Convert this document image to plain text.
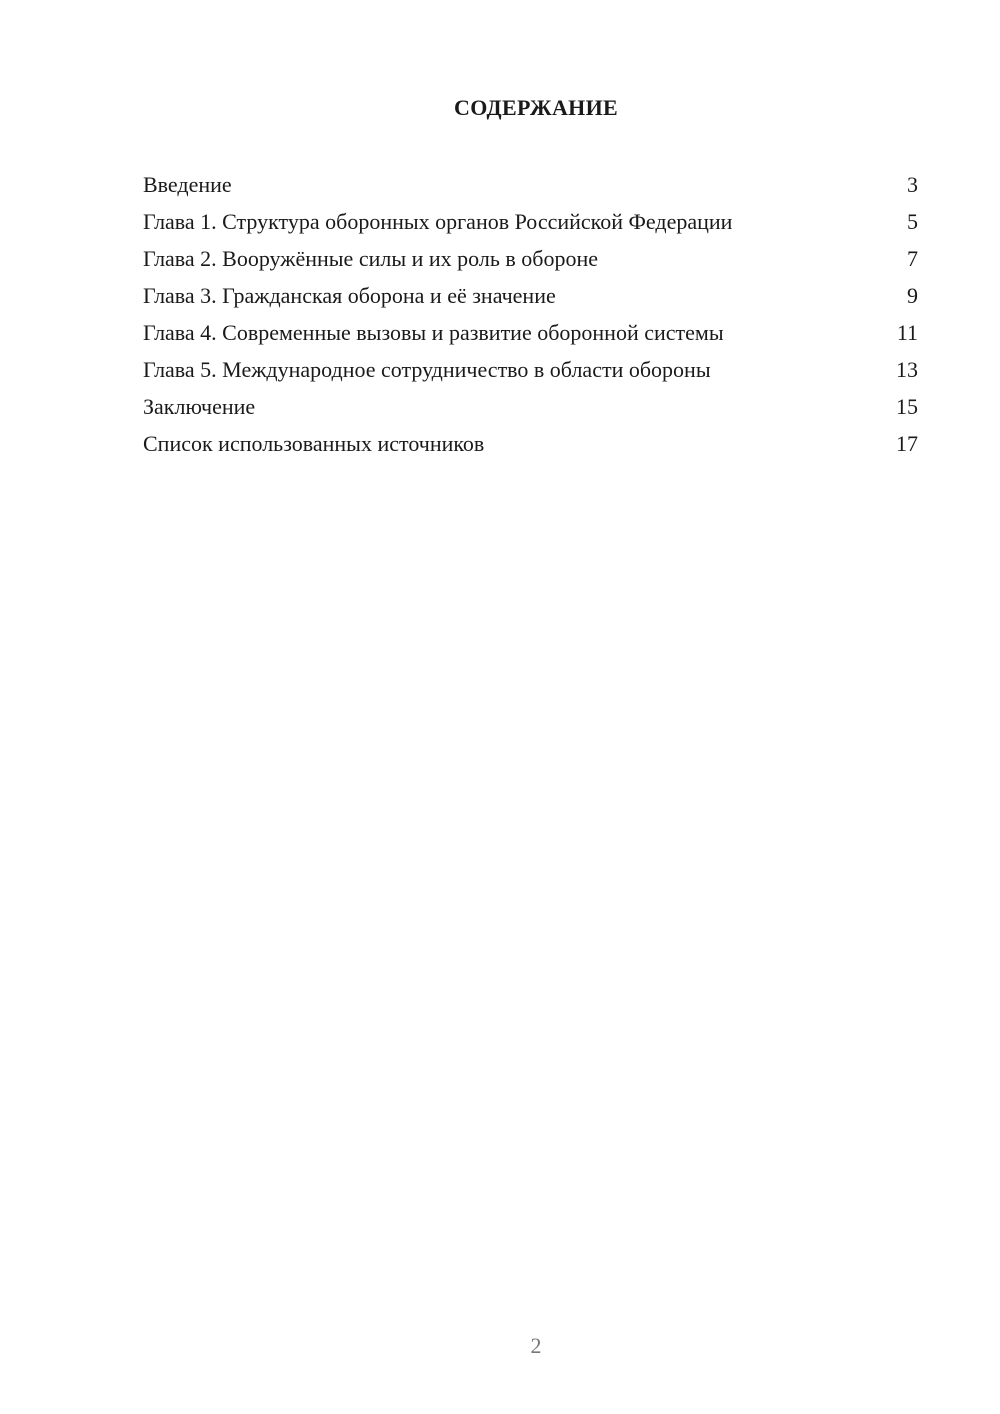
СОДЕРЖАНИЕ
Введение	3
Глава 1. Структура оборонных органов Российской Федерации	5
Глава 2. Вооружённые силы и их роль в обороне	7
Глава 3. Гражданская оборона и её значение	9
Глава 4. Современные вызовы и развитие оборонной системы	11
Глава 5. Международное сотрудничество в области обороны	13
Заключение	15
Список использованных источников	17
2
